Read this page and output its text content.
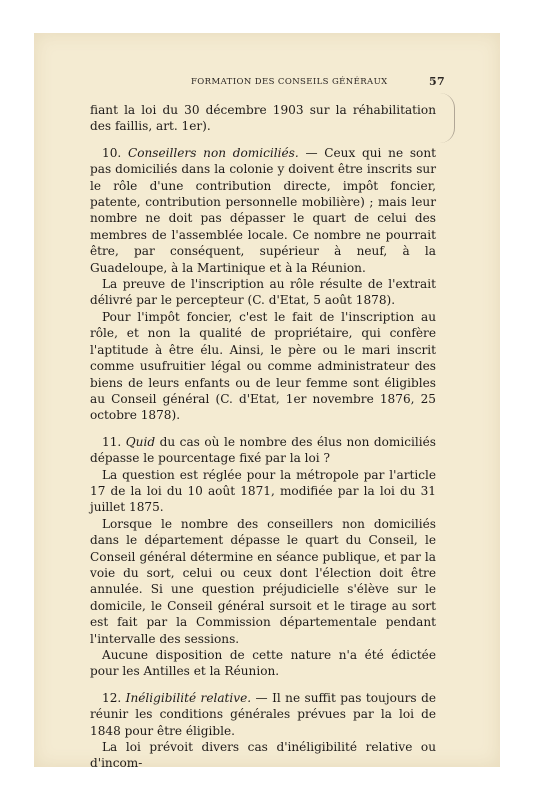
FORMATION DES CONSEILS GÉNÉRAUX	57

fiant la loi du 30 décembre 1903 sur la réhabilitation des faillis, art. 1er).

10. Conseillers non domiciliés. — Ceux qui ne sont pas domiciliés dans la colonie y doivent être inscrits sur le rôle d'une contribution directe, impôt foncier, patente, contribution personnelle mobilière) ; mais leur nombre ne doit pas dépasser le quart de celui des membres de l'assemblée locale. Ce nombre ne pourrait être, par conséquent, supérieur à neuf, à la Guadeloupe, à la Martinique et à la Réunion.

La preuve de l'inscription au rôle résulte de l'extrait délivré par le percepteur (C. d'Etat, 5 août 1878).

Pour l'impôt foncier, c'est le fait de l'inscription au rôle, et non la qualité de propriétaire, qui confère l'aptitude à être élu. Ainsi, le père ou le mari inscrit comme usufruitier légal ou comme administrateur des biens de leurs enfants ou de leur femme sont éligibles au Conseil général (C. d'Etat, 1er novembre 1876, 25 octobre 1878).

11. Quid du cas où le nombre des élus non domiciliés dépasse le pourcentage fixé par la loi ?

La question est réglée pour la métropole par l'article 17 de la loi du 10 août 1871, modifiée par la loi du 31 juillet 1875.

Lorsque le nombre des conseillers non domiciliés dans le département dépasse le quart du Conseil, le Conseil général détermine en séance publique, et par la voie du sort, celui ou ceux dont l'élection doit être annulée. Si une question préjudicielle s'élève sur le domicile, le Conseil général sursoit et le tirage au sort est fait par la Commission départementale pendant l'intervalle des sessions.

Aucune disposition de cette nature n'a été édictée pour les Antilles et la Réunion.

12. Inéligibilité relative. — Il ne suffit pas toujours de réunir les conditions générales prévues par la loi de 1848 pour être éligible.

La loi prévoit divers cas d'inéligibilité relative ou d'incom-
